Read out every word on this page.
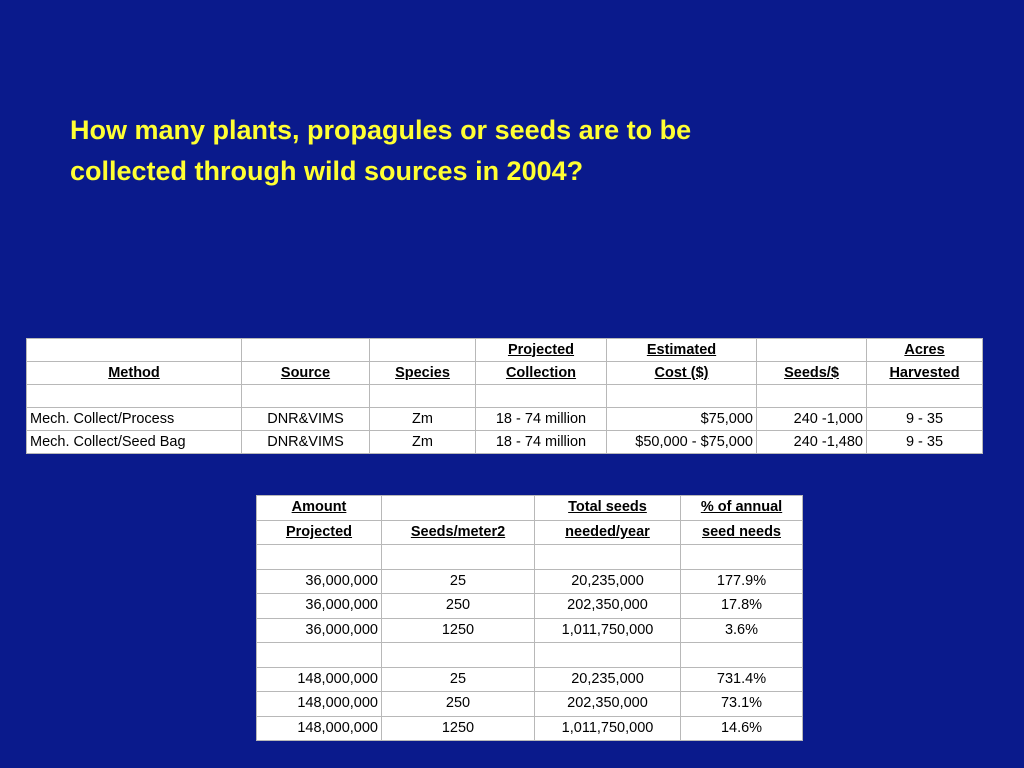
How many plants, propagules or seeds are to be
collected through wild sources in 2004?
			Projected	Estimated		Acres
Method	Source	Species	Collection	Cost ($)	Seeds/$	Harvested

Mech. Collect/Process	DNR&VIMS	Zm	18 - 74 million	$75,000	240 -1,000	9 - 35
Mech. Collect/Seed Bag	DNR&VIMS	Zm	18 - 74 million	$50,000 - $75,000	240 -1,480	9 - 35
Amount		Total seeds	% of annual
Projected	Seeds/meter2	needed/year	seed needs

36,000,000	25	20,235,000	177.9%
36,000,000	250	202,350,000	17.8%
36,000,000	1250	1,011,750,000	3.6%

148,000,000	25	20,235,000	731.4%
148,000,000	250	202,350,000	73.1%
148,000,000	1250	1,011,750,000	14.6%
